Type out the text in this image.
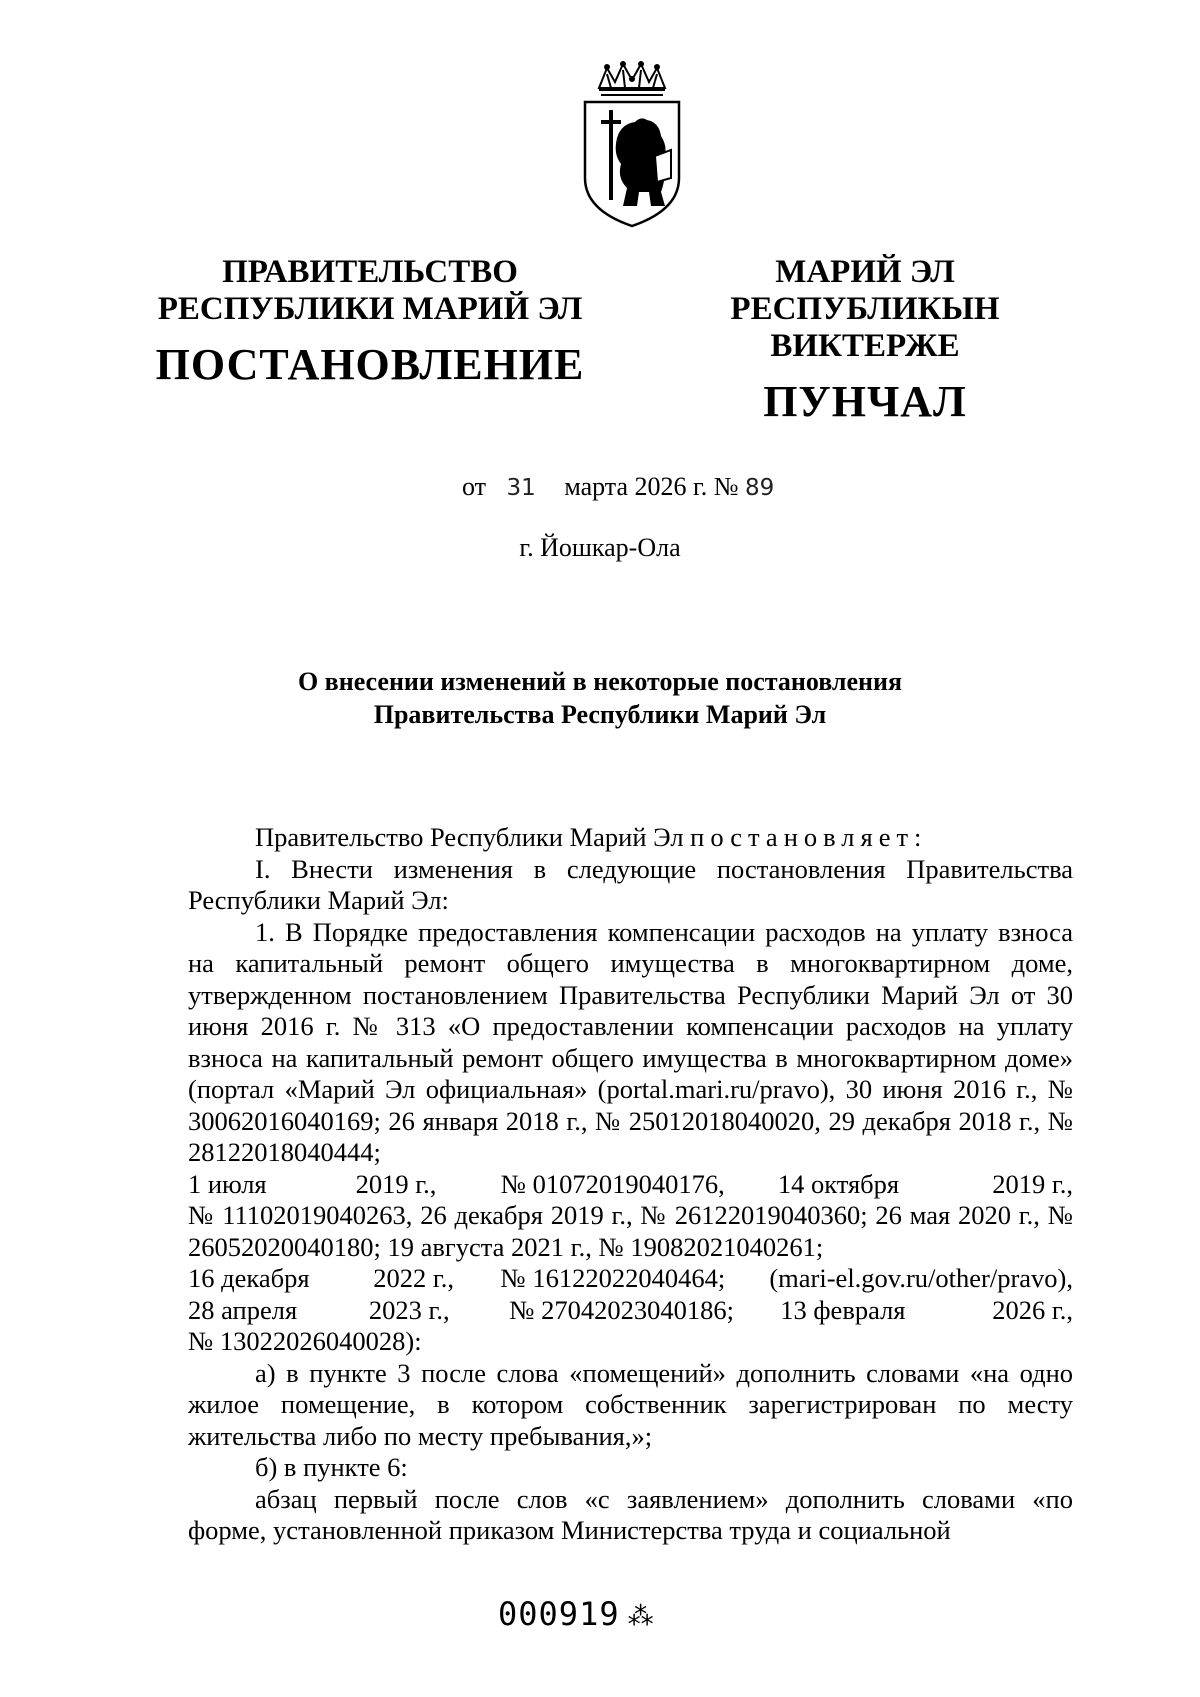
ПРАВИТЕЛЬСТВО
РЕСПУБЛИКИ МАРИЙ ЭЛ
ПОСТАНОВЛЕНИЕ
МАРИЙ ЭЛ РЕСПУБЛИКЫН
ВИКТЕРЖЕ
ПУНЧАЛ
от 31 марта 2026 г. № 89
г. Йошкар-Ола
О внесении изменений в некоторые постановления
Правительства Республики Марий Эл

Правительство Республики Марий Эл постановляет:

I. Внести изменения в следующие постановления Правительства Республики Марий Эл:

1. В Порядке предоставления компенсации расходов на уплату взноса на капитальный ремонт общего имущества в многоквартирном доме, утвержденном постановлением Правительства Республики Марий Эл от 30 июня 2016 г. № 313 «О предоставлении компенсации расходов на уплату взноса на капитальный ремонт общего имущества в многоквартирном доме» (портал «Марий Эл официальная» (portal.mari.ru/pravo), 30 июня 2016 г., № 30062016040169; 26 января 2018 г., № 25012018040020, 29 декабря 2018 г., № 28122018040444;

1 июля	2019 г.,	№ 01072019040176,	14 октября	2019 г.,

№ 11102019040263, 26 декабря 2019 г., № 26122019040360; 26 мая 2020 г., № 26052020040180; 19 августа 2021 г., № 19082021040261;

16 декабря	2022 г.,	№ 16122022040464;	(mari-el.gov.ru/other/pravo),
28 апреля	2023 г.,	№ 27042023040186;	13 февраля	2026 г.,

№ 13022026040028):

а) в пункте 3 после слова «помещений» дополнить словами «на одно жилое помещение, в котором собственник зарегистрирован по месту жительства либо по месту пребывания,»;

б) в пункте 6:

абзац первый после слов «с заявлением» дополнить словами «по форме, установленной приказом Министерства труда и социальной

000919 ⁂
